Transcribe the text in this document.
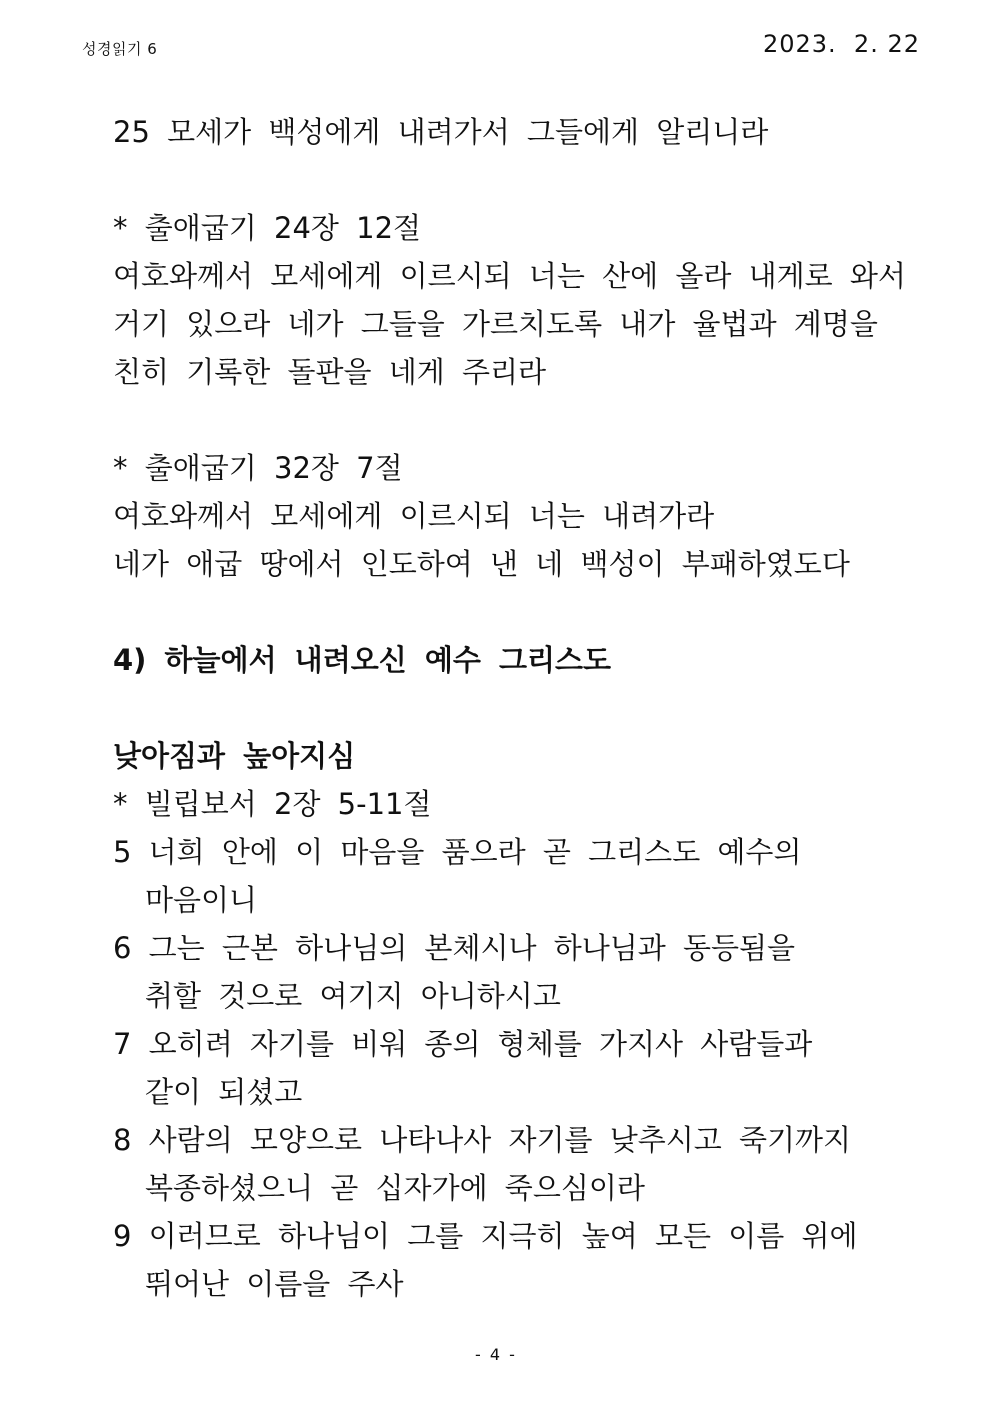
성경읽기 6	2023.  2. 22
25 모세가 백성에게 내려가서 그들에게 알리니라
* 출애굽기 24장 12절
여호와께서 모세에게 이르시되 너는 산에 올라 내게로 와서
거기 있으라 네가 그들을 가르치도록 내가 율법과 계명을
친히 기록한 돌판을 네게 주리라
* 출애굽기 32장 7절
여호와께서 모세에게 이르시되 너는 내려가라
네가 애굽 땅에서 인도하여 낸 네 백성이 부패하였도다
4) 하늘에서 내려오신 예수 그리스도
낮아짐과 높아지심
* 빌립보서 2장 5-11절
5 너희 안에 이 마음을 품으라 곧 그리스도 예수의
마음이니
6 그는 근본 하나님의 본체시나 하나님과 동등됨을
취할 것으로 여기지 아니하시고
7 오히려 자기를 비워 종의 형체를 가지사 사람들과
같이 되셨고
8 사람의 모양으로 나타나사 자기를 낮추시고 죽기까지
복종하셨으니 곧 십자가에 죽으심이라
9 이러므로 하나님이 그를 지극히 높여 모든 이름 위에
뛰어난 이름을 주사
- 4 -
